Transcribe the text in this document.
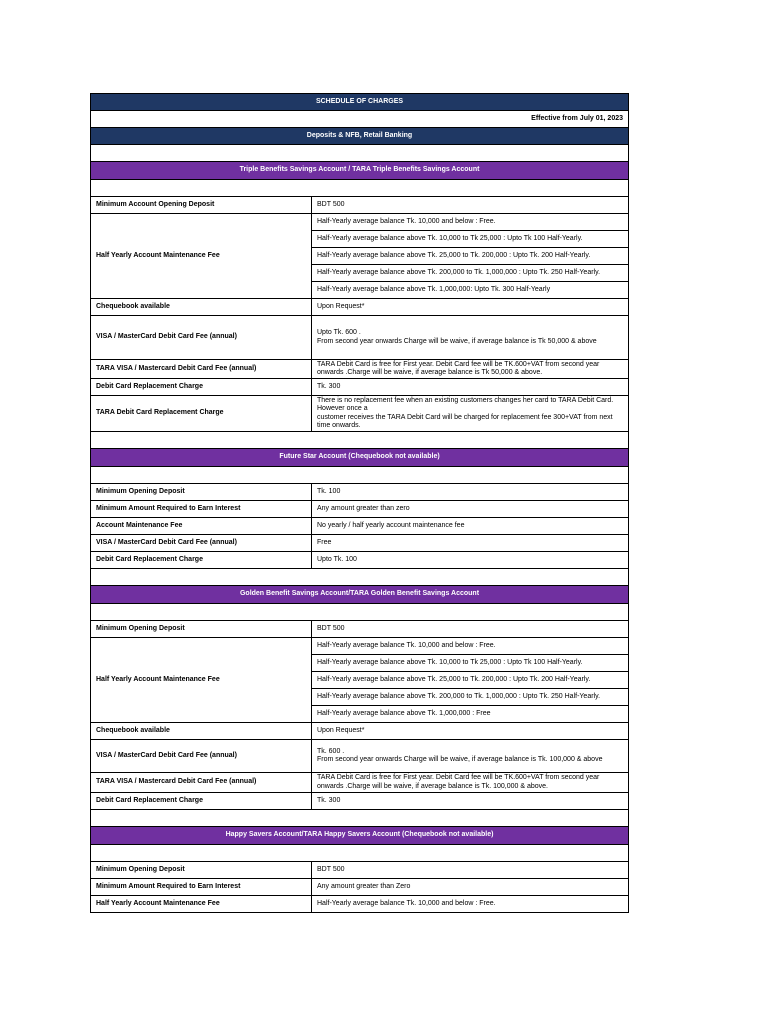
SCHEDULE OF CHARGES	
Effective from July 01, 2023	
Deposits & NFB, Retail Banking	

Triple Benefits Savings Account / TARA Triple Benefits Savings Account	

Minimum Account Opening Deposit	BDT 500
Half Yearly Account Maintenance Fee	Half-Yearly average balance Tk. 10,000 and below : Free.
	Half-Yearly average balance above Tk. 10,000 to Tk 25,000 : Upto Tk 100 Half-Yearly.
	Half-Yearly average balance above Tk. 25,000 to Tk. 200,000 : Upto Tk. 200 Half-Yearly.
	Half-Yearly average balance above Tk. 200,000 to Tk. 1,000,000 : Upto Tk. 250 Half-Yearly.
	Half-Yearly average balance above Tk. 1,000,000: Upto Tk. 300 Half-Yearly
Chequebook available	Upon Request*
VISA / MasterCard Debit Card Fee (annual)	Upto Tk. 600 .
From second year onwards Charge will be waive, if average balance is Tk 50,000 & above
TARA VISA / Mastercard Debit Card Fee (annual)	TARA Debit Card is free for First year. Debit Card fee will be TK.600+VAT from second year onwards .Charge will be waive, if average balance is Tk 50,000 & above.
Debit Card Replacement Charge	Tk. 300
TARA Debit Card Replacement Charge	There is no replacement fee when an existing customers changes her card to TARA Debit Card. However once a
customer receives the TARA Debit Card will be charged for replacement fee 300+VAT from next time onwards.

Future Star Account (Chequebook not available)	

Minimum Opening Deposit	Tk. 100
Minimum Amount Required to Earn Interest	Any amount greater than zero
Account Maintenance Fee	No yearly / half yearly account maintenance fee
VISA / MasterCard Debit Card Fee (annual)	Free
Debit Card Replacement Charge	Upto Tk. 100

Golden Benefit Savings Account/TARA Golden Benefit Savings Account	

Minimum Opening Deposit	BDT 500
Half Yearly Account Maintenance Fee	Half-Yearly average balance Tk. 10,000 and below : Free.
	Half-Yearly average balance above Tk. 10,000 to Tk 25,000 : Upto Tk 100 Half-Yearly.
	Half-Yearly average balance above Tk. 25,000 to Tk. 200,000 : Upto Tk. 200 Half-Yearly.
	Half-Yearly average balance above Tk. 200,000 to Tk. 1,000,000 : Upto Tk. 250 Half-Yearly.
	Half-Yearly average balance above Tk. 1,000,000 : Free
Chequebook available	Upon Request*
VISA / MasterCard Debit Card Fee (annual)	Tk. 600 .
From second year onwards Charge will be waive, if average balance is Tk. 100,000 & above
TARA VISA / Mastercard Debit Card Fee (annual)	TARA Debit Card is free for First year. Debit Card fee will be TK.600+VAT from second year onwards .Charge will be waive, if average balance is Tk. 100,000 & above.
Debit Card Replacement Charge	Tk. 300

Happy Savers Account/TARA Happy Savers Account (Chequebook not available)	

Minimum Opening Deposit	BDT 500
Minimum Amount Required to Earn Interest	Any amount greater than Zero
Half Yearly Account Maintenance Fee	Half-Yearly average balance Tk. 10,000 and below : Free.
